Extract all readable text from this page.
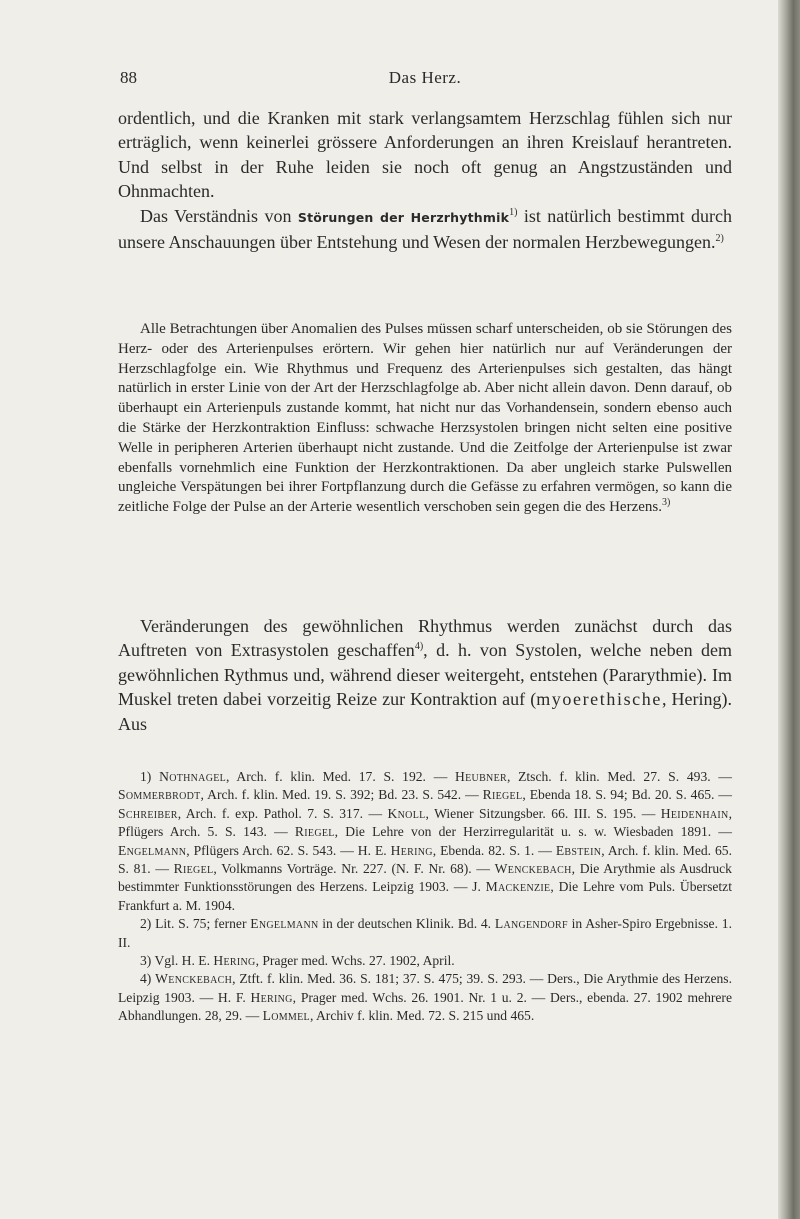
88	Das Herz.

ordentlich, und die Kranken mit stark verlangsamtem Herzschlag fühlen sich nur erträglich, wenn keinerlei grössere Anforderungen an ihren Kreislauf herantreten. Und selbst in der Ruhe leiden sie noch oft genug an Angstzuständen und Ohnmachten.

Das Verständnis von Störungen der Herzrhythmik$^{1)}$ ist natürlich bestimmt durch unsere Anschauungen über Entstehung und Wesen der normalen Herzbewegungen.$^{2)}$

Alle Betrachtungen über Anomalien des Pulses müssen scharf unterscheiden, ob sie Störungen des Herz- oder des Arterienpulses erörtern. Wir gehen hier natürlich nur auf Veränderungen der Herzschlagfolge ein. Wie Rhythmus und Frequenz des Arterienpulses sich gestalten, das hängt natürlich in erster Linie von der Art der Herzschlagfolge ab. Aber nicht allein davon. Denn darauf, ob überhaupt ein Arterienpuls zustande kommt, hat nicht nur das Vorhandensein, sondern ebenso auch die Stärke der Herzkontraktion Einfluss: schwache Herzsystolen bringen nicht selten eine positive Welle in peripheren Arterien überhaupt nicht zustande. Und die Zeitfolge der Arterienpulse ist zwar ebenfalls vornehmlich eine Funktion der Herzkontraktionen. Da aber ungleich starke Pulswellen ungleiche Verspätungen bei ihrer Fortpflanzung durch die Gefässe zu erfahren vermögen, so kann die zeitliche Folge der Pulse an der Arterie wesentlich verschoben sein gegen die des Herzens.$^{3)}$

Veränderungen des gewöhnlichen Rhythmus werden zunächst durch das Auftreten von Extrasystolen geschaffen$^{4)}$, d. h. von Systolen, welche neben dem gewöhnlichen Rythmus und, während dieser weitergeht, entstehen (Pararythmie). Im Muskel treten dabei vorzeitig Reize zur Kontraktion auf (myoerethische, Hering). Aus

1) Nothnagel, Arch. f. klin. Med. 17. S. 192. — Heubner, Ztsch. f. klin. Med. 27. S. 493. — Sommerbrodt, Arch. f. klin. Med. 19. S. 392; Bd. 23. S. 542. — Riegel, Ebenda 18. S. 94; Bd. 20. S. 465. — Schreiber, Arch. f. exp. Pathol. 7. S. 317. — Knoll, Wiener Sitzungsber. 66. III. S. 195. — Heidenhain, Pflügers Arch. 5. S. 143. — Riegel, Die Lehre von der Herzirregularität u. s. w. Wiesbaden 1891. — Engelmann, Pflügers Arch. 62. S. 543. — H. E. Hering, Ebenda. 82. S. 1. — Ebstein, Arch. f. klin. Med. 65. S. 81. — Riegel, Volkmanns Vorträge. Nr. 227. (N. F. Nr. 68). — Wenckebach, Die Arythmie als Ausdruck bestimmter Funktionsstörungen des Herzens. Leipzig 1903. — J. Mackenzie, Die Lehre vom Puls. Übersetzt Frankfurt a. M. 1904.

2) Lit. S. 75; ferner Engelmann in der deutschen Klinik. Bd. 4. Langendorf in Asher-Spiro Ergebnisse. 1. II.

3) Vgl. H. E. Hering, Prager med. Wchs. 27. 1902, April.

4) Wenckebach, Ztft. f. klin. Med. 36. S. 181; 37. S. 475; 39. S. 293. — Ders., Die Arythmie des Herzens. Leipzig 1903. — H. F. Hering, Prager med. Wchs. 26. 1901. Nr. 1 u. 2. — Ders., ebenda. 27. 1902 mehrere Abhandlungen. 28, 29. — Lommel, Archiv f. klin. Med. 72. S. 215 und 465.
